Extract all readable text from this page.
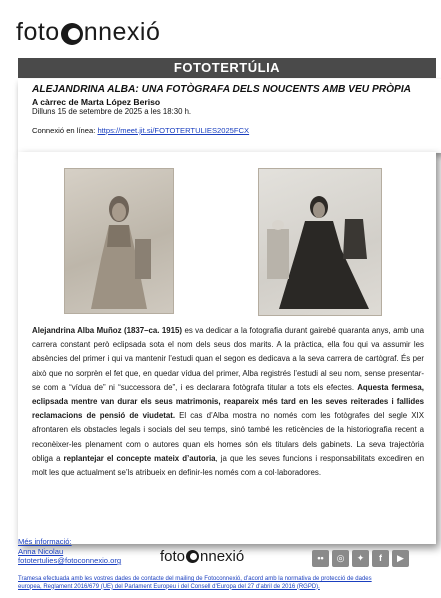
foto nnexió
FOTOTERTÚLIA
ALEJANDRINA ALBA: UNA FOTÒGRAFA DELS NOUCENTS AMB VEU PRÒPIA
A càrrec de Marta López Beriso
Dilluns 15 de setembre de 2025 a les 18:30 h.
Connexió en línea: https://meet.jit.si/FOTOTERTULIES2025FCX
Alejandrina Alba Muñoz (1837–ca. 1915) es va dedicar a la fotografia durant gairebé quaranta anys, amb una carrera constant però eclipsada sota el nom dels seus dos marits. A la pràctica, ella fou qui va assumir les absències del primer i qui va mantenir l’estudi quan el segon es dedicava a la seva carrera de cartògraf. És per això que no sorprèn el fet que, en quedar vídua del primer, Alba registrés l’estudi al seu nom, sense presentar-se com a “vídua de” ni “successora de”, i es declarara fotògrafa titular a tots els efectes. Aquesta fermesa, eclipsada mentre van durar els seus matrimonis, reapareix més tard en les seves reiterades i fallides reclamacions de pensió de viudetat. El cas d’Alba mostra no només com les fotògrafes del segle XIX afrontaren els obstacles legals i socials del seu temps, sinó també les reticències de la historiografia recent a reconèixer-les plenament com o autores quan els homes són els titulars dels gabinets. La seva trajectòria obliga a replantejar el concepte mateix d’autoria, ja que les seves funcions i responsabilitats excediren en molt les que actualment se’ls atribueix en definir-les només com a col·laboradores.
Més informació:
Anna Nicolau
fototertulies@fotoconnexio.org	foto nnexió	••	◎	✦	f	▶
Tramesa efectuada amb les vostres dades de contacte del mailing de Fotoconnexió, d’acord amb la normativa de protecció de dades
europea, Reglament 2016/679 (UE) del Parlament Europeu i del Consell d’Europa del 27 d’abril de 2016 (RGPD).
